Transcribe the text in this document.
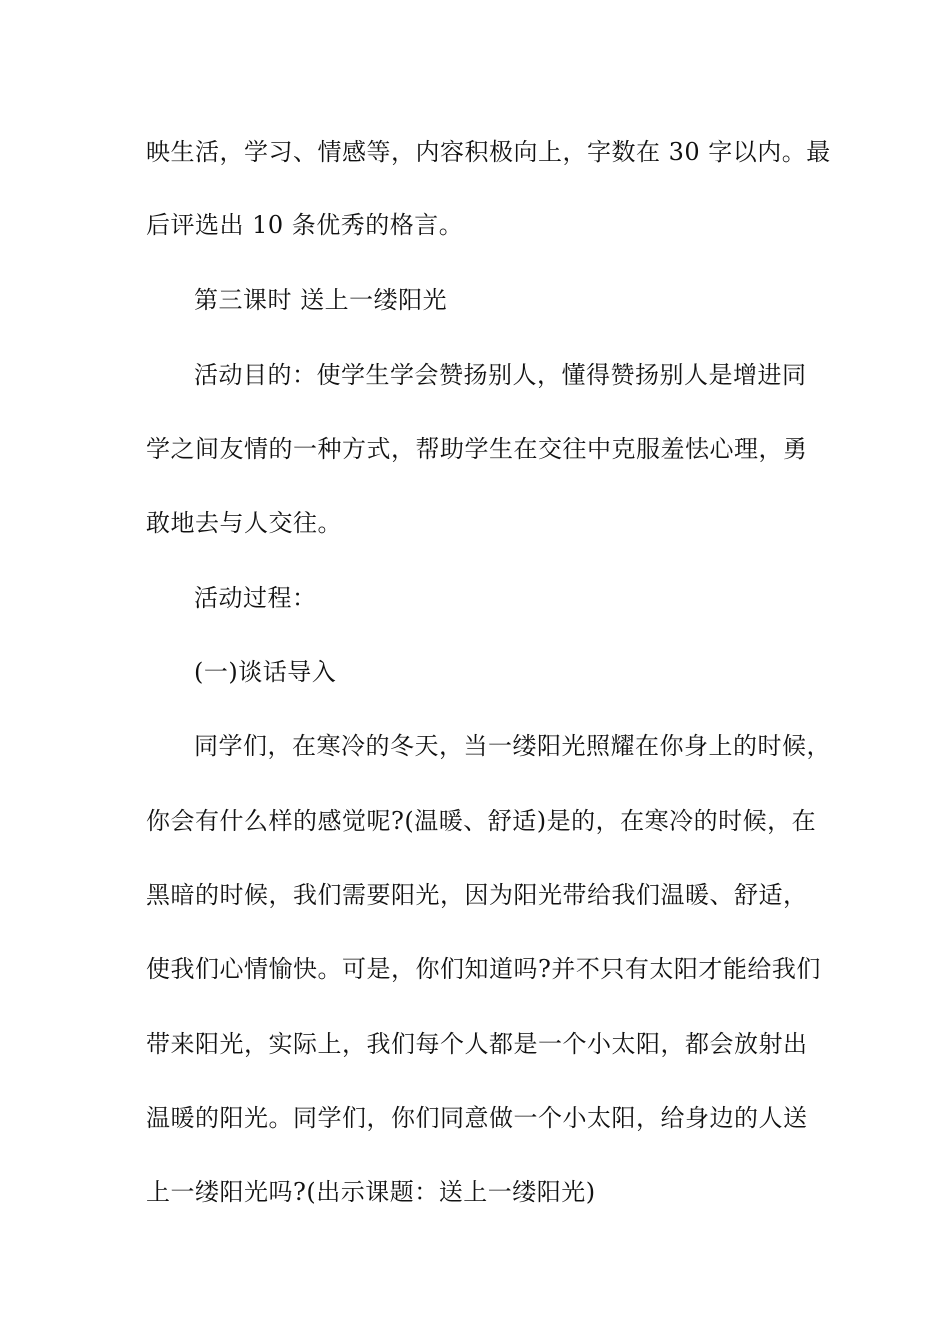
映生活，学习、情感等，内容积极向上，字数在 30 字以内。最
后评选出 10 条优秀的格言。
第三课时 送上一缕阳光
活动目的：使学生学会赞扬别人，懂得赞扬别人是增进同
学之间友情的一种方式，帮助学生在交往中克服羞怯心理，勇
敢地去与人交往。
活动过程：
(一)谈话导入
同学们，在寒冷的冬天，当一缕阳光照耀在你身上的时候，
你会有什么样的感觉呢?(温暖、舒适)是的，在寒冷的时候，在
黑暗的时候，我们需要阳光，因为阳光带给我们温暖、舒适，
使我们心情愉快。可是，你们知道吗?并不只有太阳才能给我们
带来阳光，实际上，我们每个人都是一个小太阳，都会放射出
温暖的阳光。同学们，你们同意做一个小太阳，给身边的人送
上一缕阳光吗?(出示课题：送上一缕阳光)
